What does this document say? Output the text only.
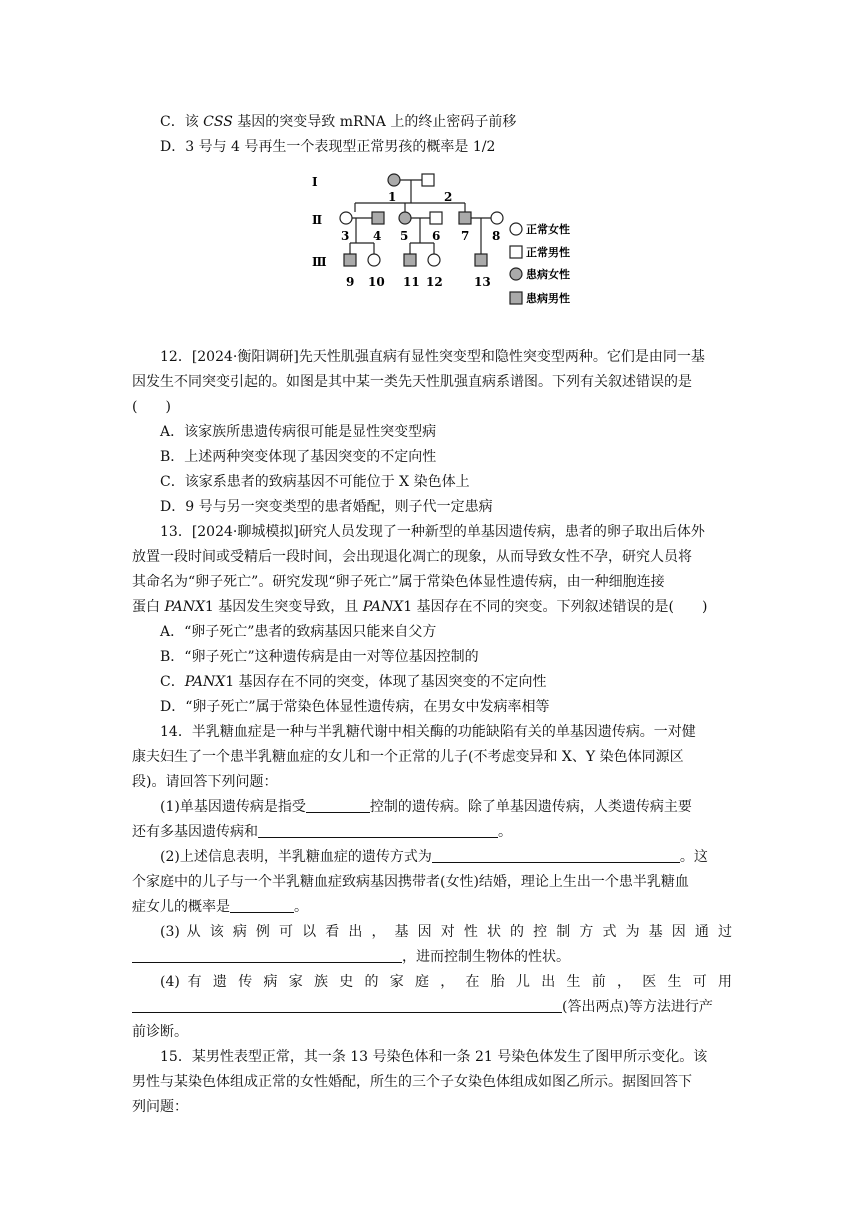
C．该 CSS 基因的突变导致 mRNA 上的终止密码子前移
D．3 号与 4 号再生一个表现型正常男孩的概率是 1/2
Ⅰ
Ⅱ
Ⅲ
1	2
3 4 5 6 7 8
9 10 11 12	13
正常女性
正常男性
患病女性
患病男性
12．[2024·衡阳调研]先天性肌强直病有显性突变型和隐性突变型两种。它们是由同一基
因发生不同突变引起的。如图是其中某一类先天性肌强直病系谱图。下列有关叙述错误的是
(　　)
A．该家族所患遗传病很可能是显性突变型病
B．上述两种突变体现了基因突变的不定向性
C．该家系患者的致病基因不可能位于 X 染色体上
D．9 号与另一突变类型的患者婚配，则子代一定患病
13．[2024·聊城模拟]研究人员发现了一种新型的单基因遗传病，患者的卵子取出后体外
放置一段时间或受精后一段时间，会出现退化凋亡的现象，从而导致女性不孕，研究人员将
其命名为“卵子死亡”。研究发现“卵子死亡”属于常染色体显性遗传病，由一种细胞连接
蛋白 PANX1 基因发生突变导致，且 PANX1 基因存在不同的突变。下列叙述错误的是(　　)
A．“卵子死亡”患者的致病基因只能来自父方
B．“卵子死亡”这种遗传病是由一对等位基因控制的
C．PANX1 基因存在不同的突变，体现了基因突变的不定向性
D．“卵子死亡”属于常染色体显性遗传病，在男女中发病率相等
14．半乳糖血症是一种与半乳糖代谢中相关酶的功能缺陷有关的单基因遗传病。一对健
康夫妇生了一个患半乳糖血症的女儿和一个正常的儿子(不考虑变异和 X、Y 染色体同源区
段)。请回答下列问题：
(1)单基因遗传病是指受	控制的遗传病。除了单基因遗传病，人类遗传病主要
还有多基因遗传病和	。
(2)上述信息表明，半乳糖血症的遗传方式为	。这
个家庭中的儿子与一个半乳糖血症致病基因携带者(女性)结婚，理论上生出一个患半乳糖血
症女儿的概率是	。
(3) 从 该 病 例 可 以 看 出 ， 基 因 对 性 状 的 控 制 方 式 为 基 因 通 过
，进而控制生物体的性状。
(4) 有 遗 传 病 家 族 史 的 家 庭 ， 在 胎 儿 出 生 前 ， 医 生 可 用
(答出两点)等方法进行产
前诊断。
15．某男性表型正常，其一条 13 号染色体和一条 21 号染色体发生了图甲所示变化。该
男性与某染色体组成正常的女性婚配，所生的三个子女染色体组成如图乙所示。据图回答下
列问题：
